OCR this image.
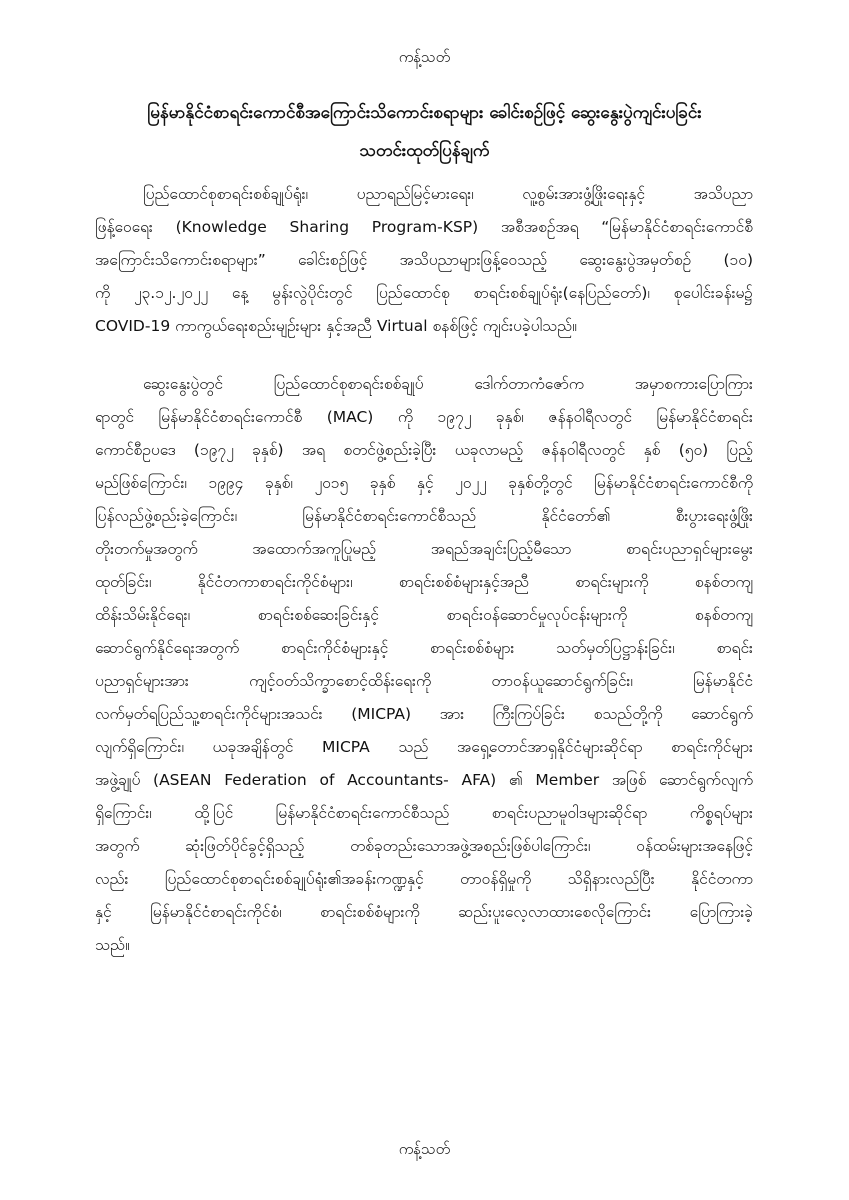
ကန့်သတ်
မြန်မာနိုင်ငံစာရင်းကောင်စီအကြောင်းသိကောင်းစရာများ ခေါင်းစဉ်ဖြင့် ဆွေးနွေးပွဲကျင်းပခြင်း
သတင်းထုတ်ပြန်ချက်
ပြည်ထောင်စုစာရင်းစစ်ချုပ်ရုံး၊ ပညာရည်မြင့်မားရေး၊ လူ့စွမ်းအားဖွံ့ဖြိုးရေးနှင့် အသိပညာ
ဖြန့်ဝေရေး (Knowledge Sharing Program-KSP) အစီအစဉ်အရ “မြန်မာနိုင်ငံစာရင်းကောင်စီ
အကြောင်းသိကောင်းစရာများ” ခေါင်းစဉ်ဖြင့် အသိပညာများဖြန့်ဝေသည့် ဆွေးနွေးပွဲအမှတ်စဉ် (၁၀)
ကို ၂၃.၁၂.၂၀၂၂ နေ့ မွန်းလွဲပိုင်းတွင် ပြည်ထောင်စု စာရင်းစစ်ချုပ်ရုံး(နေပြည်တော်)၊ စုပေါင်းခန်းမ၌
COVID-19 ကာကွယ်ရေးစည်းမျဉ်းများ နှင့်အညီ Virtual စနစ်ဖြင့် ကျင်းပခဲ့ပါသည်။
ဆွေးနွေးပွဲတွင် ပြည်ထောင်စုစာရင်းစစ်ချုပ် ဒေါက်တာကံဇော်က အမှာစကားပြောကြား
ရာတွင် မြန်မာနိုင်ငံစာရင်းကောင်စီ (MAC) ကို ၁၉၇၂ ခုနှစ်၊ ဇန်နဝါရီလတွင် မြန်မာနိုင်ငံစာရင်း
ကောင်စီဥပဒေ (၁၉၇၂ ခုနှစ်) အရ စတင်ဖွဲ့စည်းခဲ့ပြီး ယခုလာမည့် ဇန်နဝါရီလတွင် နှစ် (၅၀) ပြည့်
မည်ဖြစ်ကြောင်း၊ ၁၉၉၄ ခုနှစ်၊ ၂၀၁၅ ခုနှစ် နှင့် ၂၀၂၂ ခုနှစ်တို့တွင် မြန်မာနိုင်ငံစာရင်းကောင်စီကို
ပြန်လည်ဖွဲ့စည်းခဲ့ကြောင်း၊ မြန်မာနိုင်ငံစာရင်းကောင်စီသည် နိုင်ငံတော်၏ စီးပွားရေးဖွံ့ဖြိုး
တိုးတက်မှုအတွက် အထောက်အကူပြုမည့် အရည်အချင်းပြည့်မီသော စာရင်းပညာရှင်များမွေး
ထုတ်ခြင်း၊ နိုင်ငံတကာစာရင်းကိုင်စံများ၊ စာရင်းစစ်စံများနှင့်အညီ စာရင်းများကို စနစ်တကျ
ထိန်းသိမ်းနိုင်ရေး၊ စာရင်းစစ်ဆေးခြင်းနှင့် စာရင်းဝန်ဆောင်မှုလုပ်ငန်းများကို စနစ်တကျ
ဆောင်ရွက်နိုင်ရေးအတွက် စာရင်းကိုင်စံများနှင့် စာရင်းစစ်စံများ သတ်မှတ်ပြဋ္ဌာန်းခြင်း၊ စာရင်း
ပညာရှင်များအား ကျင့်ဝတ်သိက္ခာစောင့်ထိန်းရေးကို တာဝန်ယူဆောင်ရွက်ခြင်း၊ မြန်မာနိုင်ငံ
လက်မှတ်ရပြည်သူ့စာရင်းကိုင်များအသင်း (MICPA) အား ကြီးကြပ်ခြင်း စသည်တို့ကို ဆောင်ရွက်
လျက်ရှိကြောင်း၊ ယခုအချိန်တွင် MICPA သည် အရှေ့တောင်အာရှနိုင်ငံများဆိုင်ရာ စာရင်းကိုင်များ
အဖွဲ့ချုပ် (ASEAN Federation of Accountants- AFA) ၏ Member အဖြစ် ဆောင်ရွက်လျက်
ရှိကြောင်း၊ ထို့ပြင် မြန်မာနိုင်ငံစာရင်းကောင်စီသည် စာရင်းပညာမူဝါဒများဆိုင်ရာ ကိစ္စရပ်များ
အတွက် ဆုံးဖြတ်ပိုင်ခွင့်ရှိသည့် တစ်ခုတည်းသောအဖွဲ့အစည်းဖြစ်ပါကြောင်း၊ ဝန်ထမ်းများအနေဖြင့်
လည်း ပြည်ထောင်စုစာရင်းစစ်ချုပ်ရုံး၏အခန်းကဏ္ဍနှင့် တာဝန်ရှိမှုကို သိရှိနားလည်ပြီး နိုင်ငံတကာ
နှင့် မြန်မာနိုင်ငံစာရင်းကိုင်စံ၊ စာရင်းစစ်စံများကို ဆည်းပူးလေ့လာထားစေလိုကြောင်း ပြောကြားခဲ့
သည်။
ကန့်သတ်
